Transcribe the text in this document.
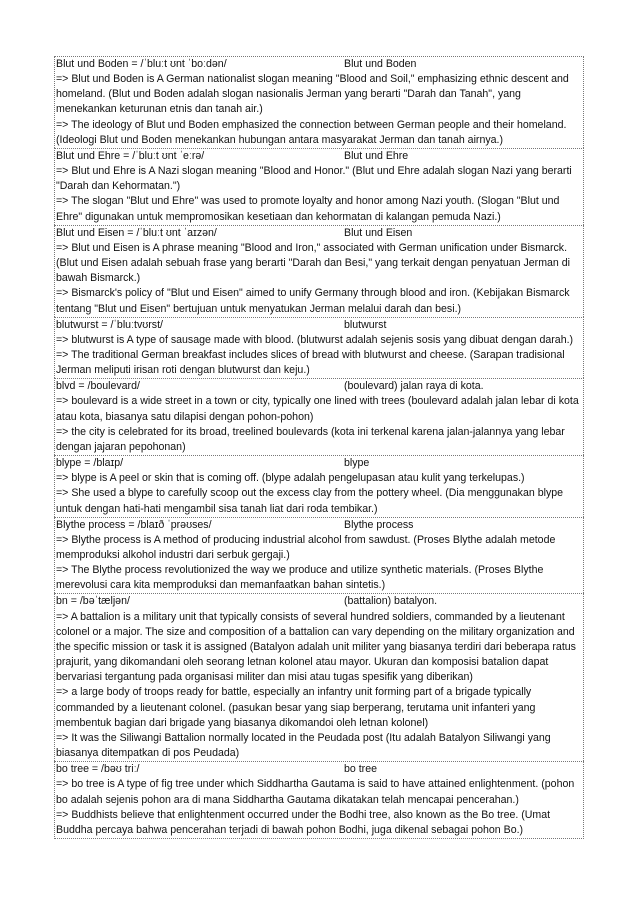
Blut und Boden = /ˈbluːt ʊnt ˈboːdən/	Blut und Boden
=> Blut und Boden is A German nationalist slogan meaning "Blood and Soil," emphasizing ethnic descent and homeland. (Blut und Boden adalah slogan nasionalis Jerman yang berarti "Darah dan Tanah", yang menekankan keturunan etnis dan tanah air.)
=> The ideology of Blut und Boden emphasized the connection between German people and their homeland. (Ideologi Blut und Boden menekankan hubungan antara masyarakat Jerman dan tanah airnya.)
Blut und Ehre = /ˈbluːt ʊnt ˈeːrə/	Blut und Ehre
=> Blut und Ehre is A Nazi slogan meaning "Blood and Honor." (Blut und Ehre adalah slogan Nazi yang berarti "Darah dan Kehormatan.")
=> The slogan "Blut und Ehre" was used to promote loyalty and honor among Nazi youth. (Slogan "Blut und Ehre" digunakan untuk mempromosikan kesetiaan dan kehormatan di kalangan pemuda Nazi.)
Blut und Eisen = /ˈbluːt ʊnt ˈaɪzən/	Blut und Eisen
=> Blut und Eisen is A phrase meaning "Blood and Iron," associated with German unification under Bismarck. (Blut und Eisen adalah sebuah frase yang berarti "Darah dan Besi," yang terkait dengan penyatuan Jerman di bawah Bismarck.)
=> Bismarck's policy of "Blut und Eisen" aimed to unify Germany through blood and iron. (Kebijakan Bismarck tentang "Blut und Eisen" bertujuan untuk menyatukan Jerman melalui darah dan besi.)
blutwurst = /ˈbluːtvʊrst/	blutwurst
=> blutwurst is A type of sausage made with blood. (blutwurst adalah sejenis sosis yang dibuat dengan darah.)
=> The traditional German breakfast includes slices of bread with blutwurst and cheese. (Sarapan tradisional Jerman meliputi irisan roti dengan blutwurst dan keju.)
blvd = /boulevard/	(boulevard) jalan raya di kota.
=> boulevard is a wide street in a town or city, typically one lined with trees (boulevard adalah jalan lebar di kota atau kota, biasanya satu dilapisi dengan pohon-pohon)
=> the city is celebrated for its broad, treelined boulevards (kota ini terkenal karena jalan-jalannya yang lebar dengan jajaran pepohonan)
blype = /blaɪp/	blype
=> blype is A peel or skin that is coming off. (blype adalah pengelupasan atau kulit yang terkelupas.)
=> She used a blype to carefully scoop out the excess clay from the pottery wheel. (Dia menggunakan blype untuk dengan hati-hati mengambil sisa tanah liat dari roda tembikar.)
Blythe process = /blaɪð ˈprəʊses/	Blythe process
=> Blythe process is A method of producing industrial alcohol from sawdust. (Proses Blythe adalah metode memproduksi alkohol industri dari serbuk gergaji.)
=> The Blythe process revolutionized the way we produce and utilize synthetic materials. (Proses Blythe merevolusi cara kita memproduksi dan memanfaatkan bahan sintetis.)
bn = /bəˈtæljən/	(battalion) batalyon.
=> A battalion is a military unit that typically consists of several hundred soldiers, commanded by a lieutenant colonel or a major. The size and composition of a battalion can vary depending on the military organization and the specific mission or task it is assigned (Batalyon adalah unit militer yang biasanya terdiri dari beberapa ratus prajurit, yang dikomandani oleh seorang letnan kolonel atau mayor. Ukuran dan komposisi batalion dapat bervariasi tergantung pada organisasi militer dan misi atau tugas spesifik yang diberikan)
=> a large body of troops ready for battle, especially an infantry unit forming part of a brigade typically commanded by a lieutenant colonel. (pasukan besar yang siap berperang, terutama unit infanteri yang membentuk bagian dari brigade yang biasanya dikomandoi oleh letnan kolonel)
=> It was the Siliwangi Battalion normally located in the Peudada post (Itu adalah Batalyon Siliwangi yang biasanya ditempatkan di pos Peudada)
bo tree = /bəʊ triː/	bo tree
=> bo tree is A type of fig tree under which Siddhartha Gautama is said to have attained enlightenment. (pohon bo adalah sejenis pohon ara di mana Siddhartha Gautama dikatakan telah mencapai pencerahan.)
=> Buddhists believe that enlightenment occurred under the Bodhi tree, also known as the Bo tree. (Umat Buddha percaya bahwa pencerahan terjadi di bawah pohon Bodhi, juga dikenal sebagai pohon Bo.)
